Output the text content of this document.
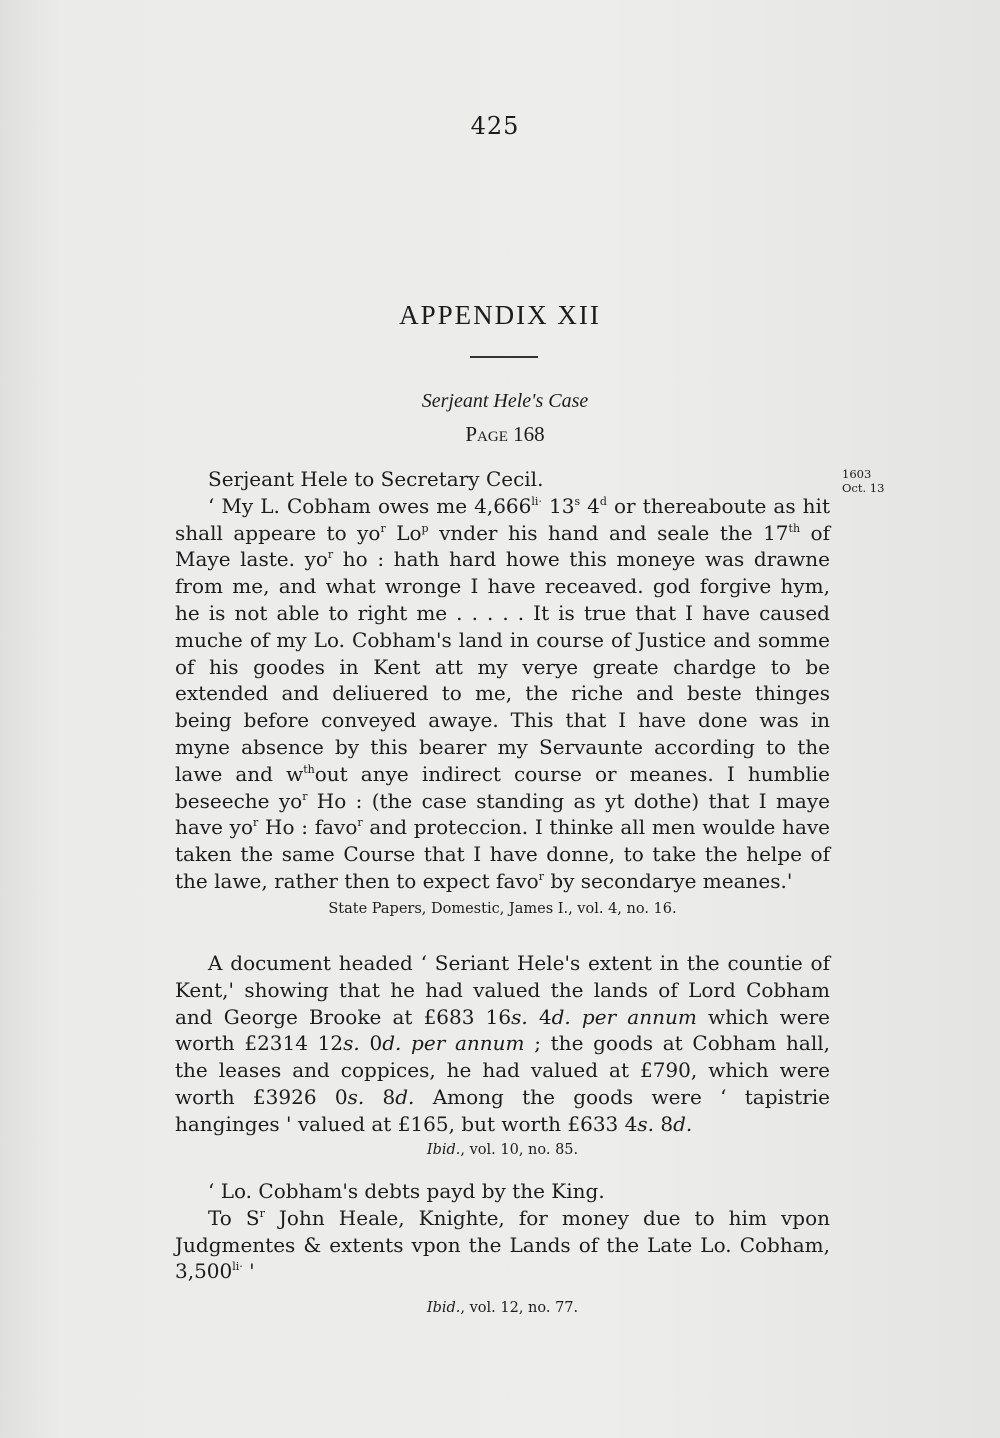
425
APPENDIX XII
Serjeant Hele's Case
Page 168
1603
Oct. 13

Serjeant Hele to Secretary Cecil.

‘ My L. Cobham owes me $4,666^{li\cdot}$ 13$^s$ 4$^d$ or thereaboute as hit shall appeare to $yo^r$ Lo$^p$ vnder his hand and seale the 17th of Maye laste. $yo^r$ ho : hath hard howe this moneye was drawne from me, and what wronge I have receaved. god forgive hym, he is not able to right me . . . . . It is true that I have caused muche of my Lo. Cobham's land in course of Justice and somme of his goodes in Kent att my verye greate chardge to be extended and deliuered to me, the riche and beste thinges being before conveyed awaye. This that I have done was in myne absence by this bearer my Servaunte according to the lawe and $w^{th}out$ anye indirect course or meanes. I humblie beseeche $yo^r$ Ho : (the case standing as yt dothe) that I maye have $yo^r$ Ho : favo$^r$ and proteccion. I thinke all men woulde have taken the same Course that I have donne, to take the helpe of the lawe, rather then to expect favo$^r$ by secondarye meanes.'

State Papers, Domestic, James I., vol. 4, no. 16.

A document headed ‘ Seriant Hele's extent in the countie of Kent,' showing that he had valued the lands of Lord Cobham and George Brooke at £683 16s. 4d. per annum which were worth £2314 12s. 0d. per annum ; the goods at Cobham hall, the leases and coppices, he had valued at £790, which were worth £3926 0s. 8d. Among the goods were ‘ tapistrie hanginges ' valued at £165, but worth £633 4s. 8d.

Ibid., vol. 10, no. 85.

‘ Lo. Cobham's debts payd by the King.

To $S^r$ John Heale, Knighte, for money due to him vpon Judgmentes & extents vpon the Lands of the Late Lo. Cobham, $3,500^{li\cdot}$ '

Ibid., vol. 12, no. 77.
